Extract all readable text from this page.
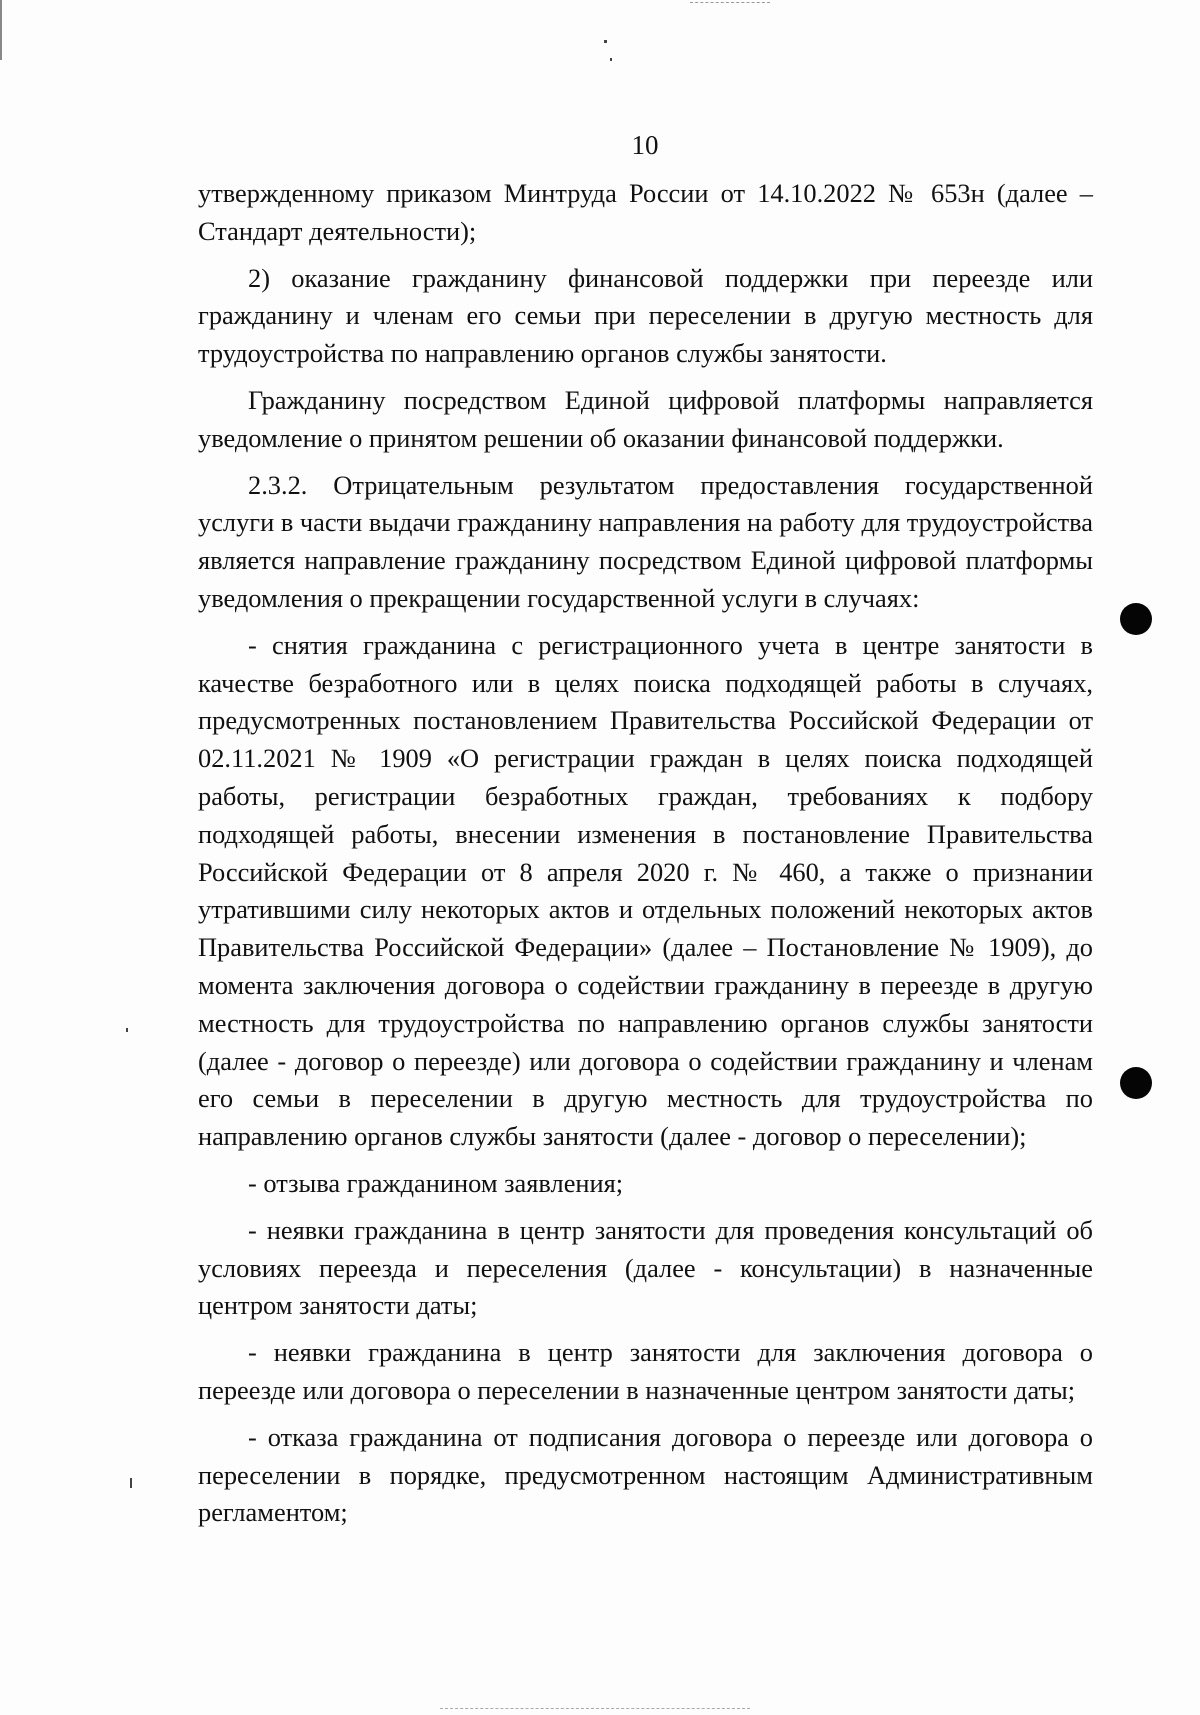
10

утвержденному приказом Минтруда России от 14.10.2022 № 653н (далее – Стандарт деятельности);

2) оказание гражданину финансовой поддержки при переезде или гражданину и членам его семьи при переселении в другую местность для трудоустройства по направлению органов службы занятости.

Гражданину посредством Единой цифровой платформы направляется уведомление о принятом решении об оказании финансовой поддержки.

2.3.2. Отрицательным результатом предоставления государственной услуги в части выдачи гражданину направления на работу для трудоустройства является направление гражданину посредством Единой цифровой платформы уведомления о прекращении государственной услуги в случаях:

- снятия гражданина с регистрационного учета в центре занятости в качестве безработного или в целях поиска подходящей работы в случаях, предусмотренных постановлением Правительства Российской Федерации от 02.11.2021 № 1909 «О регистрации граждан в целях поиска подходящей работы, регистрации безработных граждан, требованиях к подбору подходящей работы, внесении изменения в постановление Правительства Российской Федерации от 8 апреля 2020 г. № 460, а также о признании утратившими силу некоторых актов и отдельных положений некоторых актов Правительства Российской Федерации» (далее – Постановление № 1909), до момента заключения договора о содействии гражданину в переезде в другую местность для трудоустройства по направлению органов службы занятости (далее - договор о переезде) или договора о содействии гражданину и членам его семьи в переселении в другую местность для трудоустройства по направлению органов службы занятости (далее - договор о переселении);

- отзыва гражданином заявления;

- неявки гражданина в центр занятости для проведения консультаций об условиях переезда и переселения (далее - консультации) в назначенные центром занятости даты;

- неявки гражданина в центр занятости для заключения договора о переезде или договора о переселении в назначенные центром занятости даты;

- отказа гражданина от подписания договора о переезде или договора о переселении в порядке, предусмотренном настоящим Административным регламентом;
